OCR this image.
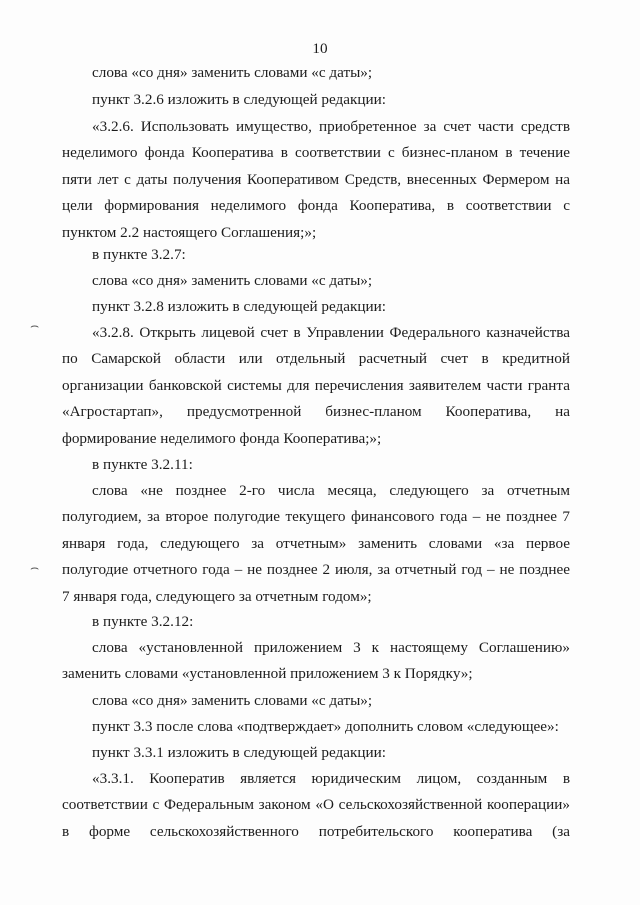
10
⌢
⌢

слова «со дня» заменить словами «с даты»;

пункт 3.2.6 изложить в следующей редакции:

«3.2.6. Использовать имущество, приобретенное за счет части средств
неделимого фонда Кооператива в соответствии с бизнес-планом в течение
пяти лет с даты получения Кооперативом Средств, внесенных Фермером на
цели формирования неделимого фонда Кооператива, в соответствии с
пунктом 2.2 настоящего Соглашения;»;

в пункте 3.2.7:

слова «со дня» заменить словами «с даты»;

пункт 3.2.8 изложить в следующей редакции:

«3.2.8. Открыть лицевой счет в Управлении Федерального казначейства
по Самарской области или отдельный расчетный счет в кредитной
организации банковской системы для перечисления заявителем части гранта
«Агростартап», предусмотренной бизнес-планом Кооператива, на
формирование неделимого фонда Кооператива;»;

в пункте 3.2.11:

слова «не позднее 2-го числа месяца, следующего за отчетным
полугодием, за второе полугодие текущего финансового года – не позднее 7
января года, следующего за отчетным» заменить словами «за первое
полугодие отчетного года – не позднее 2 июля, за отчетный год – не позднее
7 января года, следующего за отчетным годом»;

в пункте 3.2.12:

слова «установленной приложением 3 к настоящему Соглашению»
заменить словами «установленной приложением 3 к Порядку»;

слова «со дня» заменить словами «с даты»;

пункт 3.3 после слова «подтверждает» дополнить словом «следующее»:

пункт 3.3.1 изложить в следующей редакции:

«3.3.1. Кооператив является юридическим лицом, созданным в
соответствии с Федеральным законом «О сельскохозяйственной кооперации»
в форме сельскохозяйственного потребительского кооператива (за
